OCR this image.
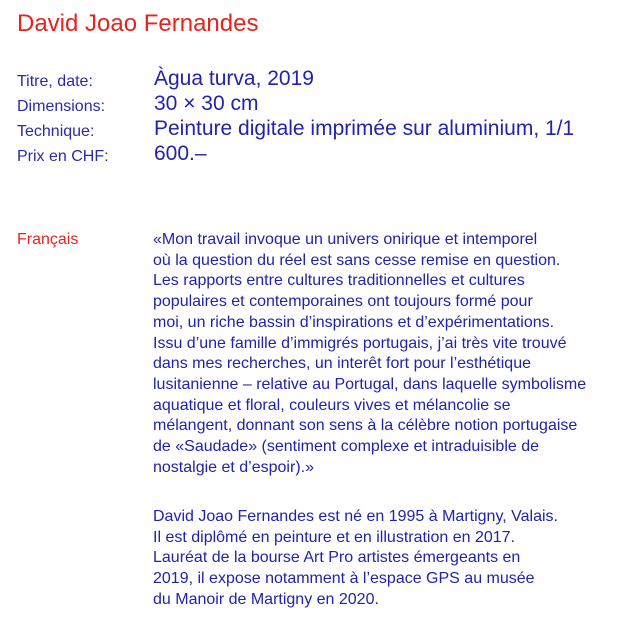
David Joao Fernandes
Titre, date:	Àgua turva, 2019
Dimensions: 30 × 30 cm
Technique:	Peinture digitale imprimée sur aluminium, 1/1
Prix en CHF: 600.–
Français	«Mon travail invoque un univers onirique et intemporel
où la question du réel est sans cesse remise en question.
Les rapports entre cultures traditionnelles et cultures
populaires et contemporaines ont toujours formé pour
moi, un riche bassin d’inspirations et d’expérimentations.
Issu d’une famille d’immigrés portugais, j’ai très vite trouvé
dans mes recherches, un interêt fort pour l’esthétique
lusitanienne – relative au Portugal, dans laquelle symbolisme
aquatique et floral, couleurs vives et mélancolie se
mélangent, donnant son sens à la célèbre notion portugaise
de «Saudade» (sentiment complexe et intraduisible de
nostalgie et d’espoir).»
David Joao Fernandes est né en 1995 à Martigny, Valais.
Il est diplômé en peinture et en illustration en 2017.
Lauréat de la bourse Art Pro artistes émergeants en
2019, il expose notamment à l’espace GPS au musée
du Manoir de Martigny en 2020.
